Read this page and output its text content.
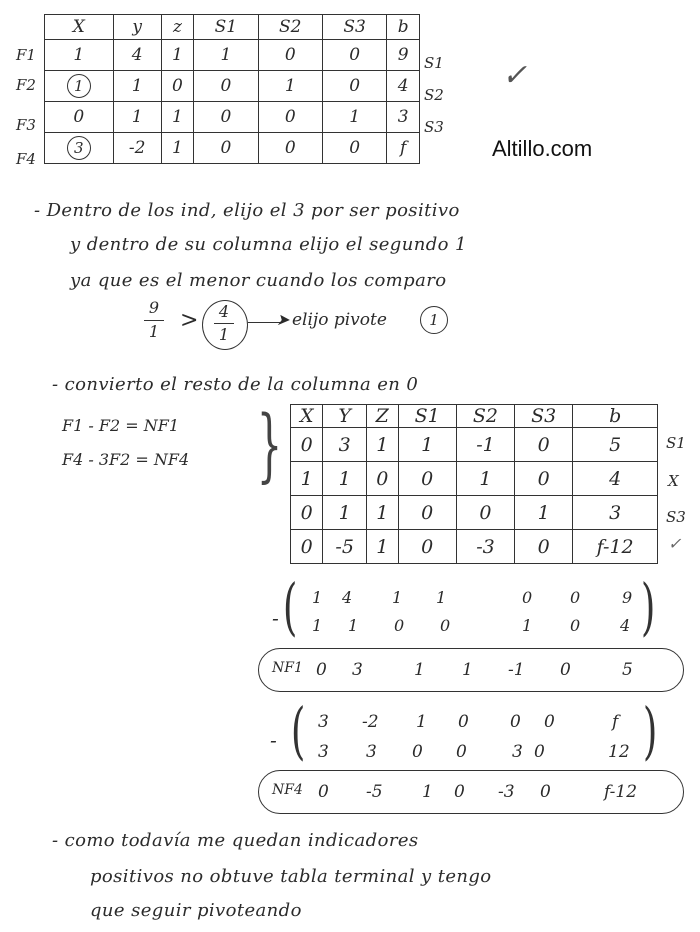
X	y	z	S1	S2	S3	b
1	4	1	1	0	0	9
1	1	0	0	1	0	4
0	1	1	0	0	1	3
3	-2	1	0	0	0	f
F1
F2
F3
F4
S1
S2
S3
✓
Altillo.com
- Dentro de los ind, elijo el 3 por ser positivo
y dentro de su columna elijo el segundo 1
ya que es el menor cuando los comparo
9
1 > 4
1
➤ elijo pivote	1
- convierto el resto de la columna en 0
F1 - F2 = NF1
F4 - 3F2 = NF4 } X	Y	Z	S1	S2	S3	b
0	3	1	1	-1	0	5
1	1	0	0	1	0	4
0	1	1	0	0	1	3
0	-5	1	0	-3	0	f-12
S1
X
S3
✓
- (	)
1 4 1 1	0 0	9
1 1 0 0	1 0 4
NF1 0 3	1 1 -1 0	5
- (	)
3 -2 1 0 0 0	f
3 3 0 0	3 0	12
NF4 0 -5 1 0 -3 0	f-12
- como todavía me quedan indicadores
positivos no obtuve tabla terminal y tengo
que seguir pivoteando
